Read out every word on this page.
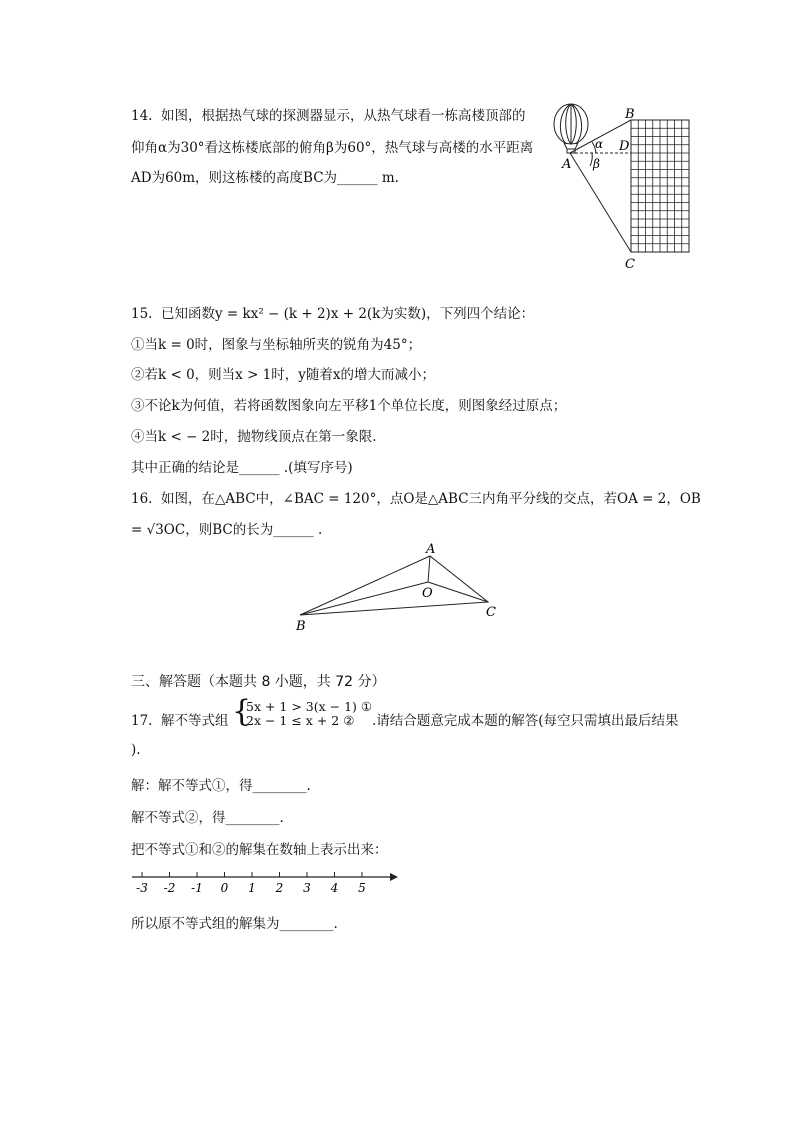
14. 如图，根据热气球的探测器显示，从热气球看一栋高楼顶部的
仰角α为30°看这栋楼底部的俯角β为60°，热气球与高楼的水平距离
AD为60m，则这栋楼的高度BC为______ m.
A
B
C
D
α
β
15. 已知函数y = kx² − (k + 2)x + 2(k为实数)，下列四个结论：
①当k = 0时，图象与坐标轴所夹的锐角为45°；
②若k < 0，则当x > 1时，y随着x的增大而减小；
③不论k为何值，若将函数图象向左平移1个单位长度，则图象经过原点；
④当k < − 2时，抛物线顶点在第一象限.
其中正确的结论是______ .(填写序号)
16. 如图，在△ABC中，∠BAC = 120°，点O是△ABC三内角平分线的交点，若OA = 2，OB
= √3OC，则BC的长为______ .
A
B
C
O
三、解答题（本题共 8 小题，共 72 分）
17. 解不等式组 {
5x + 1 > 3(x − 1) ①
2x − 1 ≤ x + 2 ② .请结合题意完成本题的解答(每空只需填出最后结果
).
解：解不等式①，得________.
解不等式②，得________.
把不等式①和②的解集在数轴上表示出来：
-3 -2 -1 0 1 2 3 4 5
所以原不等式组的解集为________.
